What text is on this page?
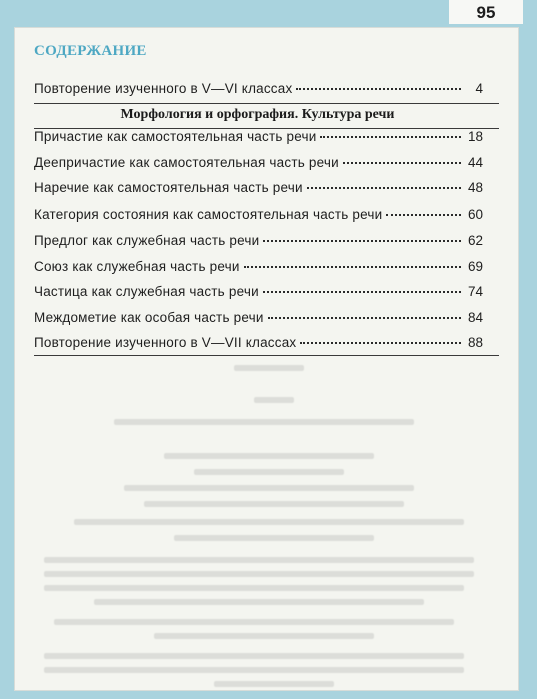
95
СОДЕРЖАНИЕ
Повторение изученного в V—VI классах	4
Морфология и орфография. Культура речи
Причастие как самостоятельная часть речи	18
Деепричастие как самостоятельная часть речи	44
Наречие как самостоятельная часть речи	48
Категория состояния как самостоятельная часть речи	60
Предлог как служебная часть речи	62
Союз как служебная часть речи	69
Частица как служебная часть речи	74
Междометие как особая часть речи	84
Повторение изученного в V—VII классах	88
